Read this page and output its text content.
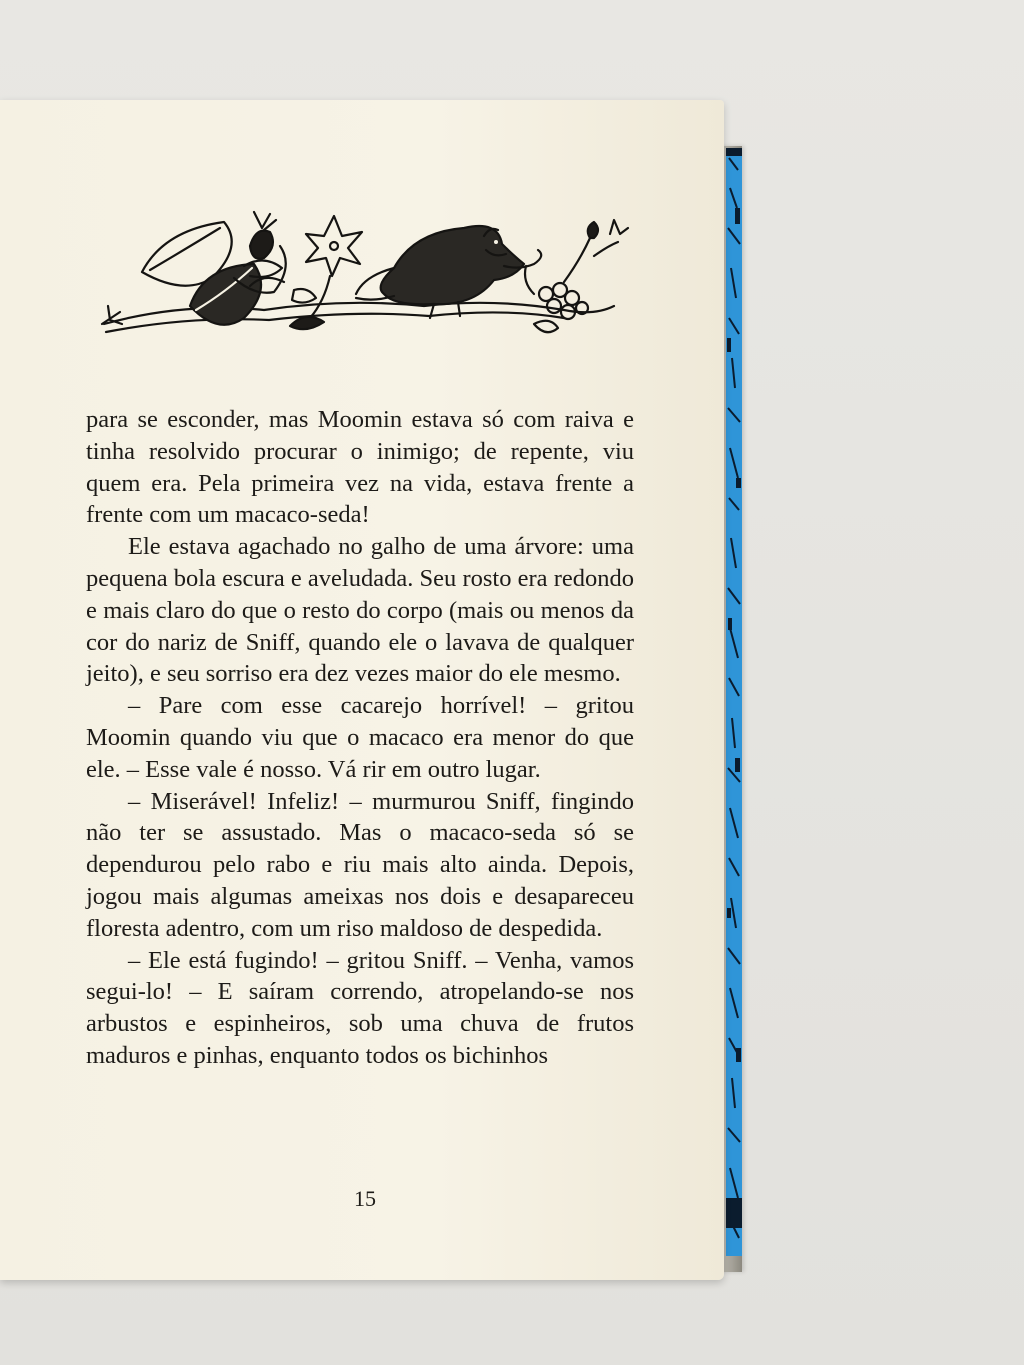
para se esconder, mas Moomin estava só com raiva e tinha resolvido procurar o inimigo; de repente, viu quem era. Pela primeira vez na vida, estava frente a frente com um macaco-seda!

Ele estava agachado no galho de uma árvore: uma pequena bola escura e aveludada. Seu rosto era redondo e mais claro do que o resto do corpo (mais ou menos da cor do nariz de Sniff, quando ele o lavava de qualquer jeito), e seu sorriso era dez vezes maior do ele mesmo.

– Pare com esse cacarejo horrível! – gritou Moomin quando viu que o macaco era menor do que ele. – Esse vale é nosso. Vá rir em outro lugar.

– Miserável! Infeliz! – murmurou Sniff, fingindo não ter se assustado. Mas o macaco-seda só se dependurou pelo rabo e riu mais alto ainda. Depois, jogou mais algumas ameixas nos dois e desapareceu floresta adentro, com um riso maldoso de despedida.

– Ele está fugindo! – gritou Sniff. – Venha, vamos segui-lo! – E saíram correndo, atropelando-se nos arbustos e espinheiros, sob uma chuva de frutos maduros e pinhas, enquanto todos os bichinhos

15
